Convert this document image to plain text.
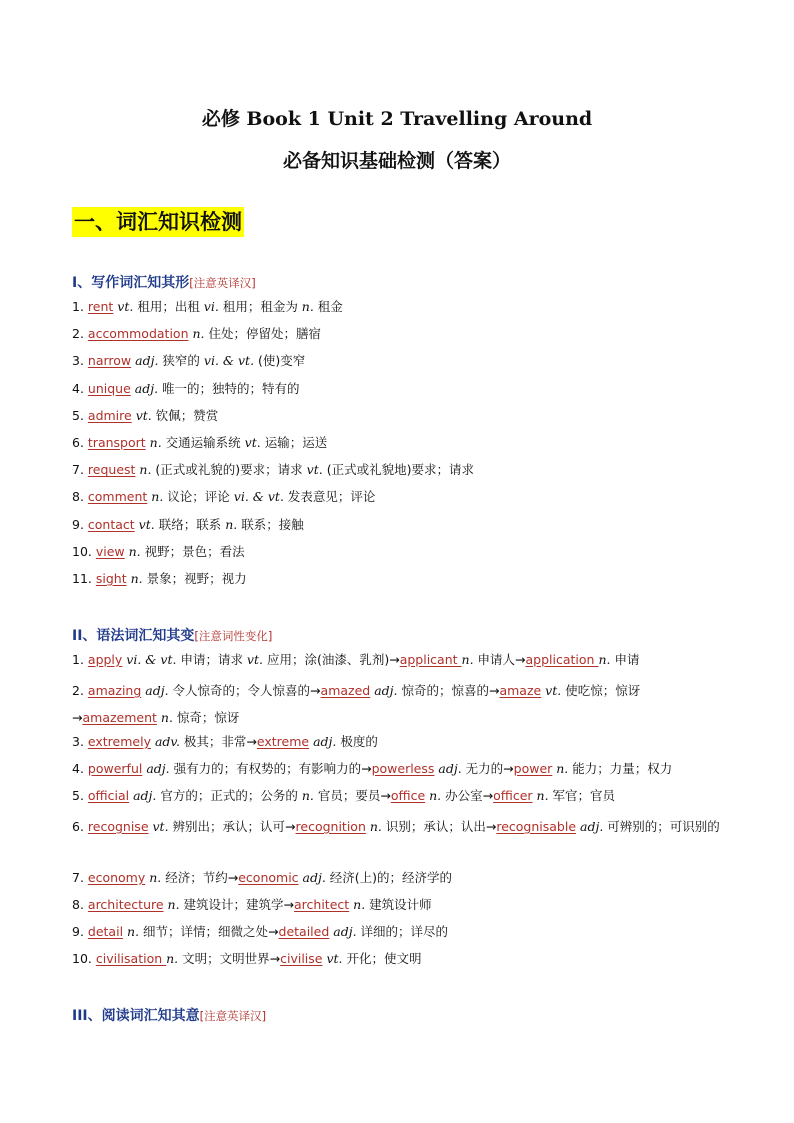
必修 Book 1 Unit 2 Travelling Around
必备知识基础检测（答案）
一、词汇知识检测
I、写作词汇知其形[注意英译汉]
1. rent vt. 租用；出租 vi. 租用；租金为 n. 租金
2. accommodation n. 住处；停留处；膳宿
3. narrow adj. 狭窄的 vi. & vt. (使)变窄
4. unique adj. 唯一的；独特的；特有的
5. admire vt. 钦佩；赞赏
6. transport n. 交通运输系统 vt. 运输；运送
7. request n. (正式或礼貌的)要求；请求 vt. (正式或礼貌地)要求；请求
8. comment n. 议论；评论 vi. & vt. 发表意见；评论
9. contact vt. 联络；联系 n. 联系；接触
10. view n. 视野；景色；看法
11. sight n. 景象；视野；视力
II、语法词汇知其变[注意词性变化]
1. apply vi. & vt. 申请；请求 vt. 应用；涂(油漆、乳剂)→applicant n. 申请人→application n. 申请
2. amazing adj. 令人惊奇的；令人惊喜的→amazed adj. 惊奇的；惊喜的→amaze vt. 使吃惊；惊讶→amazement n. 惊奇；惊讶
3. extremely adv. 极其；非常→extreme adj. 极度的
4. powerful adj. 强有力的；有权势的；有影响力的→powerless adj. 无力的→power n. 能力；力量；权力
5. official adj. 官方的；正式的；公务的 n. 官员；要员→office n. 办公室→officer n. 军官；官员
6. recognise vt. 辨别出；承认；认可→recognition n. 识别；承认；认出→recognisable adj. 可辨别的；可识别的
7. economy n. 经济；节约→economic adj. 经济(上)的；经济学的
8. architecture n. 建筑设计；建筑学→architect n. 建筑设计师
9. detail n. 细节；详情；细微之处→detailed adj. 详细的；详尽的
10. civilisation n. 文明；文明世界→civilise vt. 开化；使文明
III、阅读词汇知其意[注意英译汉]
